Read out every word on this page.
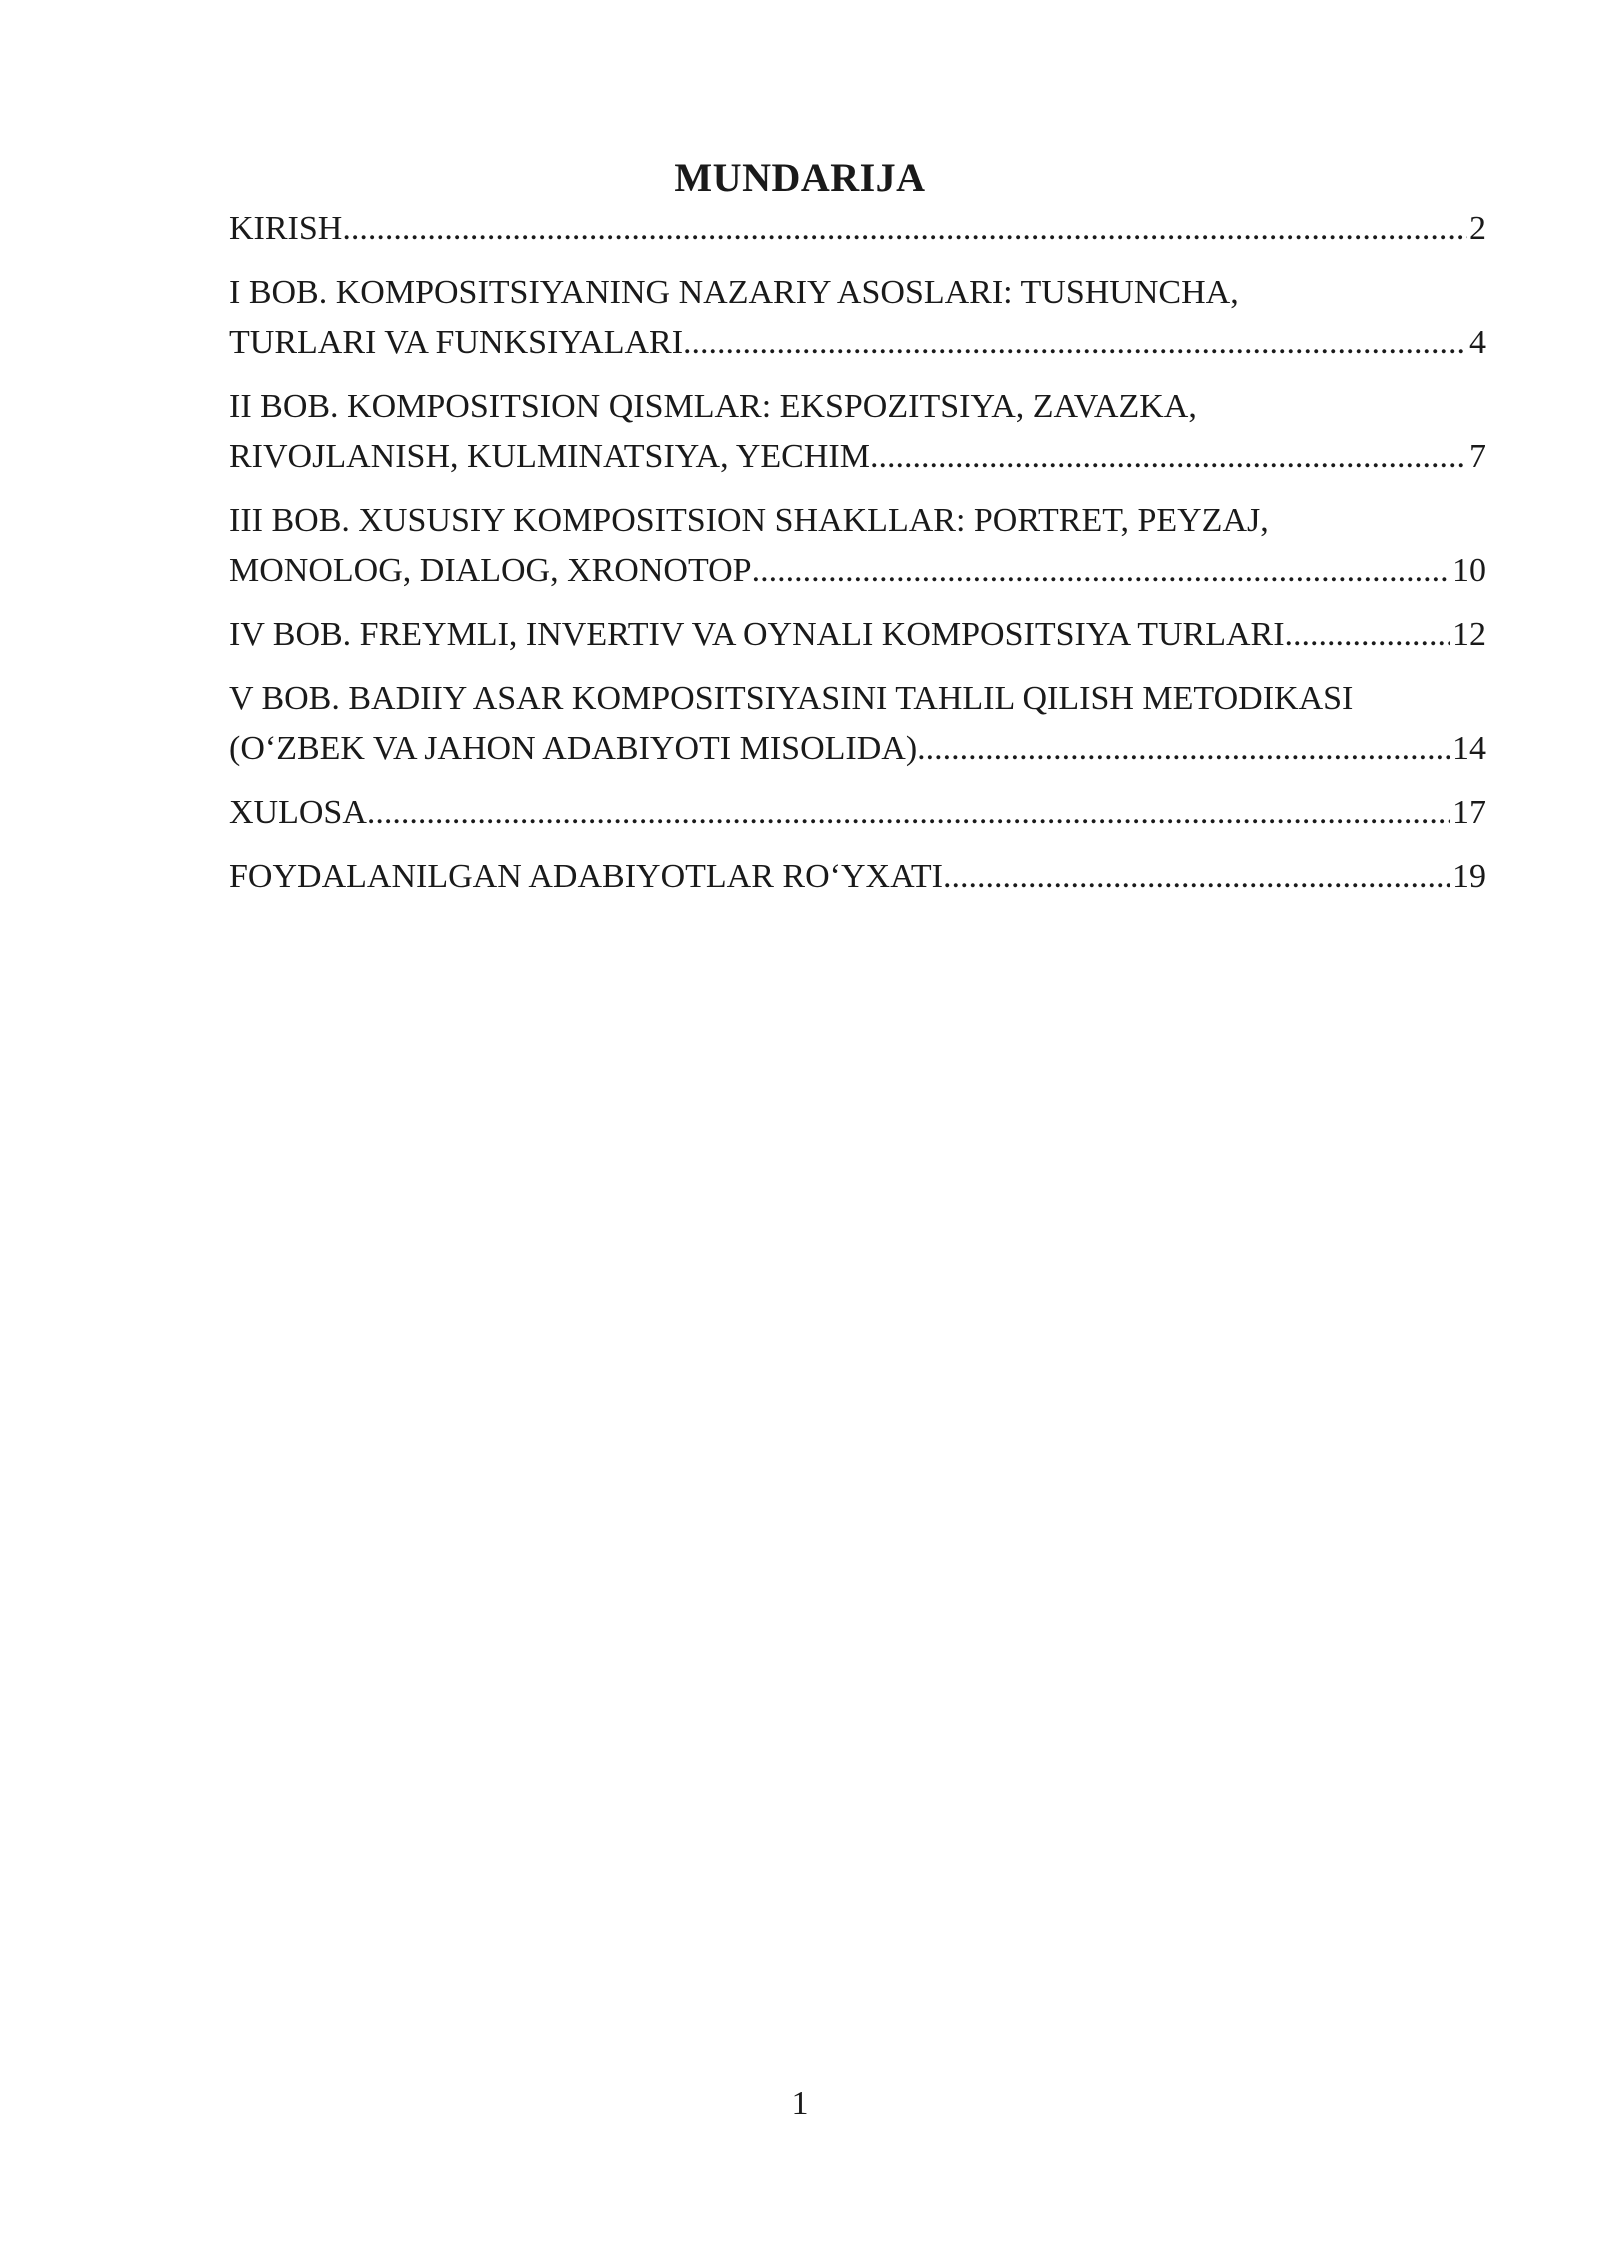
MUNDARIJA
KIRISH .....	2
I BOB. KOMPOSITSIYANING NAZARIY ASOSLARI: TUSHUNCHA,
TURLARI VA FUNKSIYALARI .....	4
II BOB. KOMPOSITSION QISMLAR: EKSPOZITSIYA, ZAVAZKA,
RIVOJLANISH, KULMINATSIYA, YECHIM .....	7
III BOB. XUSUSIY KOMPOSITSION SHAKLLAR: PORTRET, PEYZAJ,
MONOLOG, DIALOG, XRONOTOP .....	10
IV BOB. FREYMLI, INVERTIV VA OYNALI KOMPOSITSIYA TURLARI .....	12
V BOB. BADIIY ASAR KOMPOSITSIYASINI TAHLIL QILISH METODIKASI
(O‘ZBEK VA JAHON ADABIYOTI MISOLIDA) .....	14
XULOSA .....	17
FOYDALANILGAN ADABIYOTLAR RO‘YXATI .....	19
1
